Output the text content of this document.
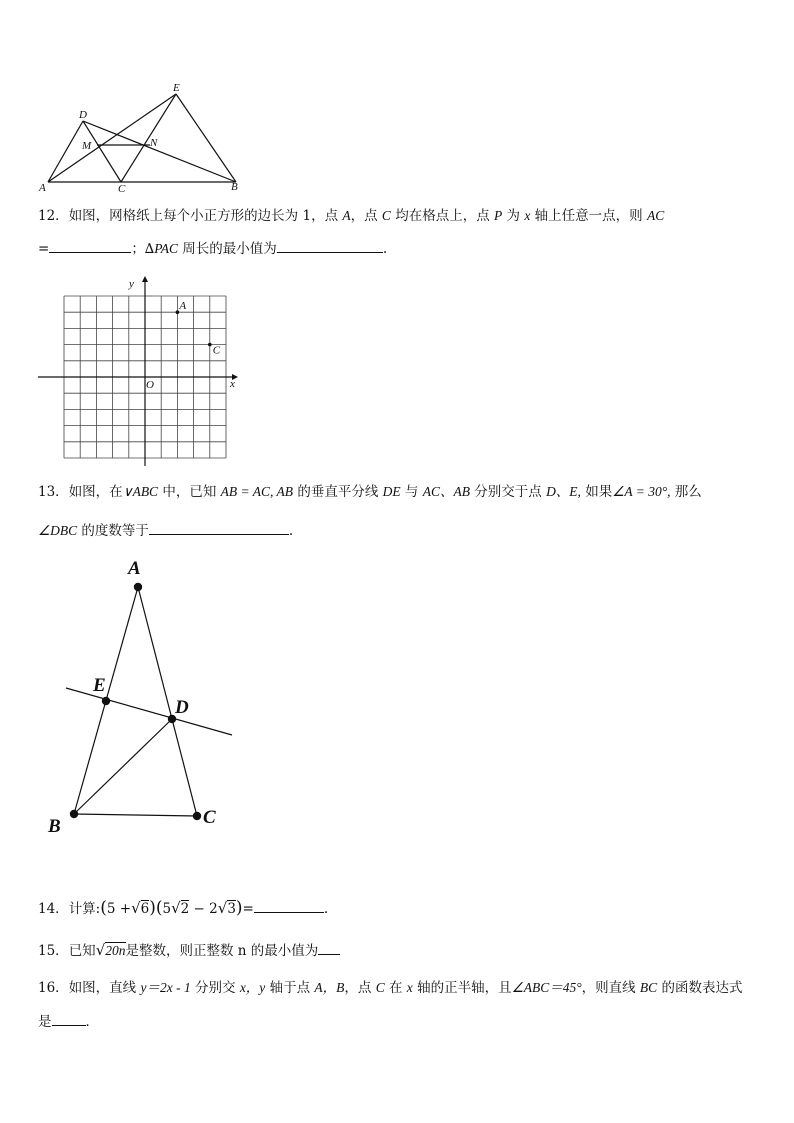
D
E
M	N
A	C	B
12．如图，网格纸上每个小正方形的边长为 1，点 A，点 C 均在格点上，点 P 为 x 轴上任意一点，则 AC
=	；∆PAC 周长的最小值为	.
y
x
O
A
C
13．如图，在∨ABC 中，已知 AB = AC, AB 的垂直平分线 DE 与 AC、AB 分别交于点 D、E, 如果∠A = 30°, 那么
∠DBC 的度数等于	.
A
E
D
B	C
14．计算:(5 +√6)(5√2 − 2√3)=	.
15．已知√20n是整数，则正整数 n 的最小值为
16．如图，直线 y＝2x - 1 分别交 x，y 轴于点 A，B，点 C 在 x 轴的正半轴，且∠ABC＝45°，则直线 BC 的函数表达式
是	．
